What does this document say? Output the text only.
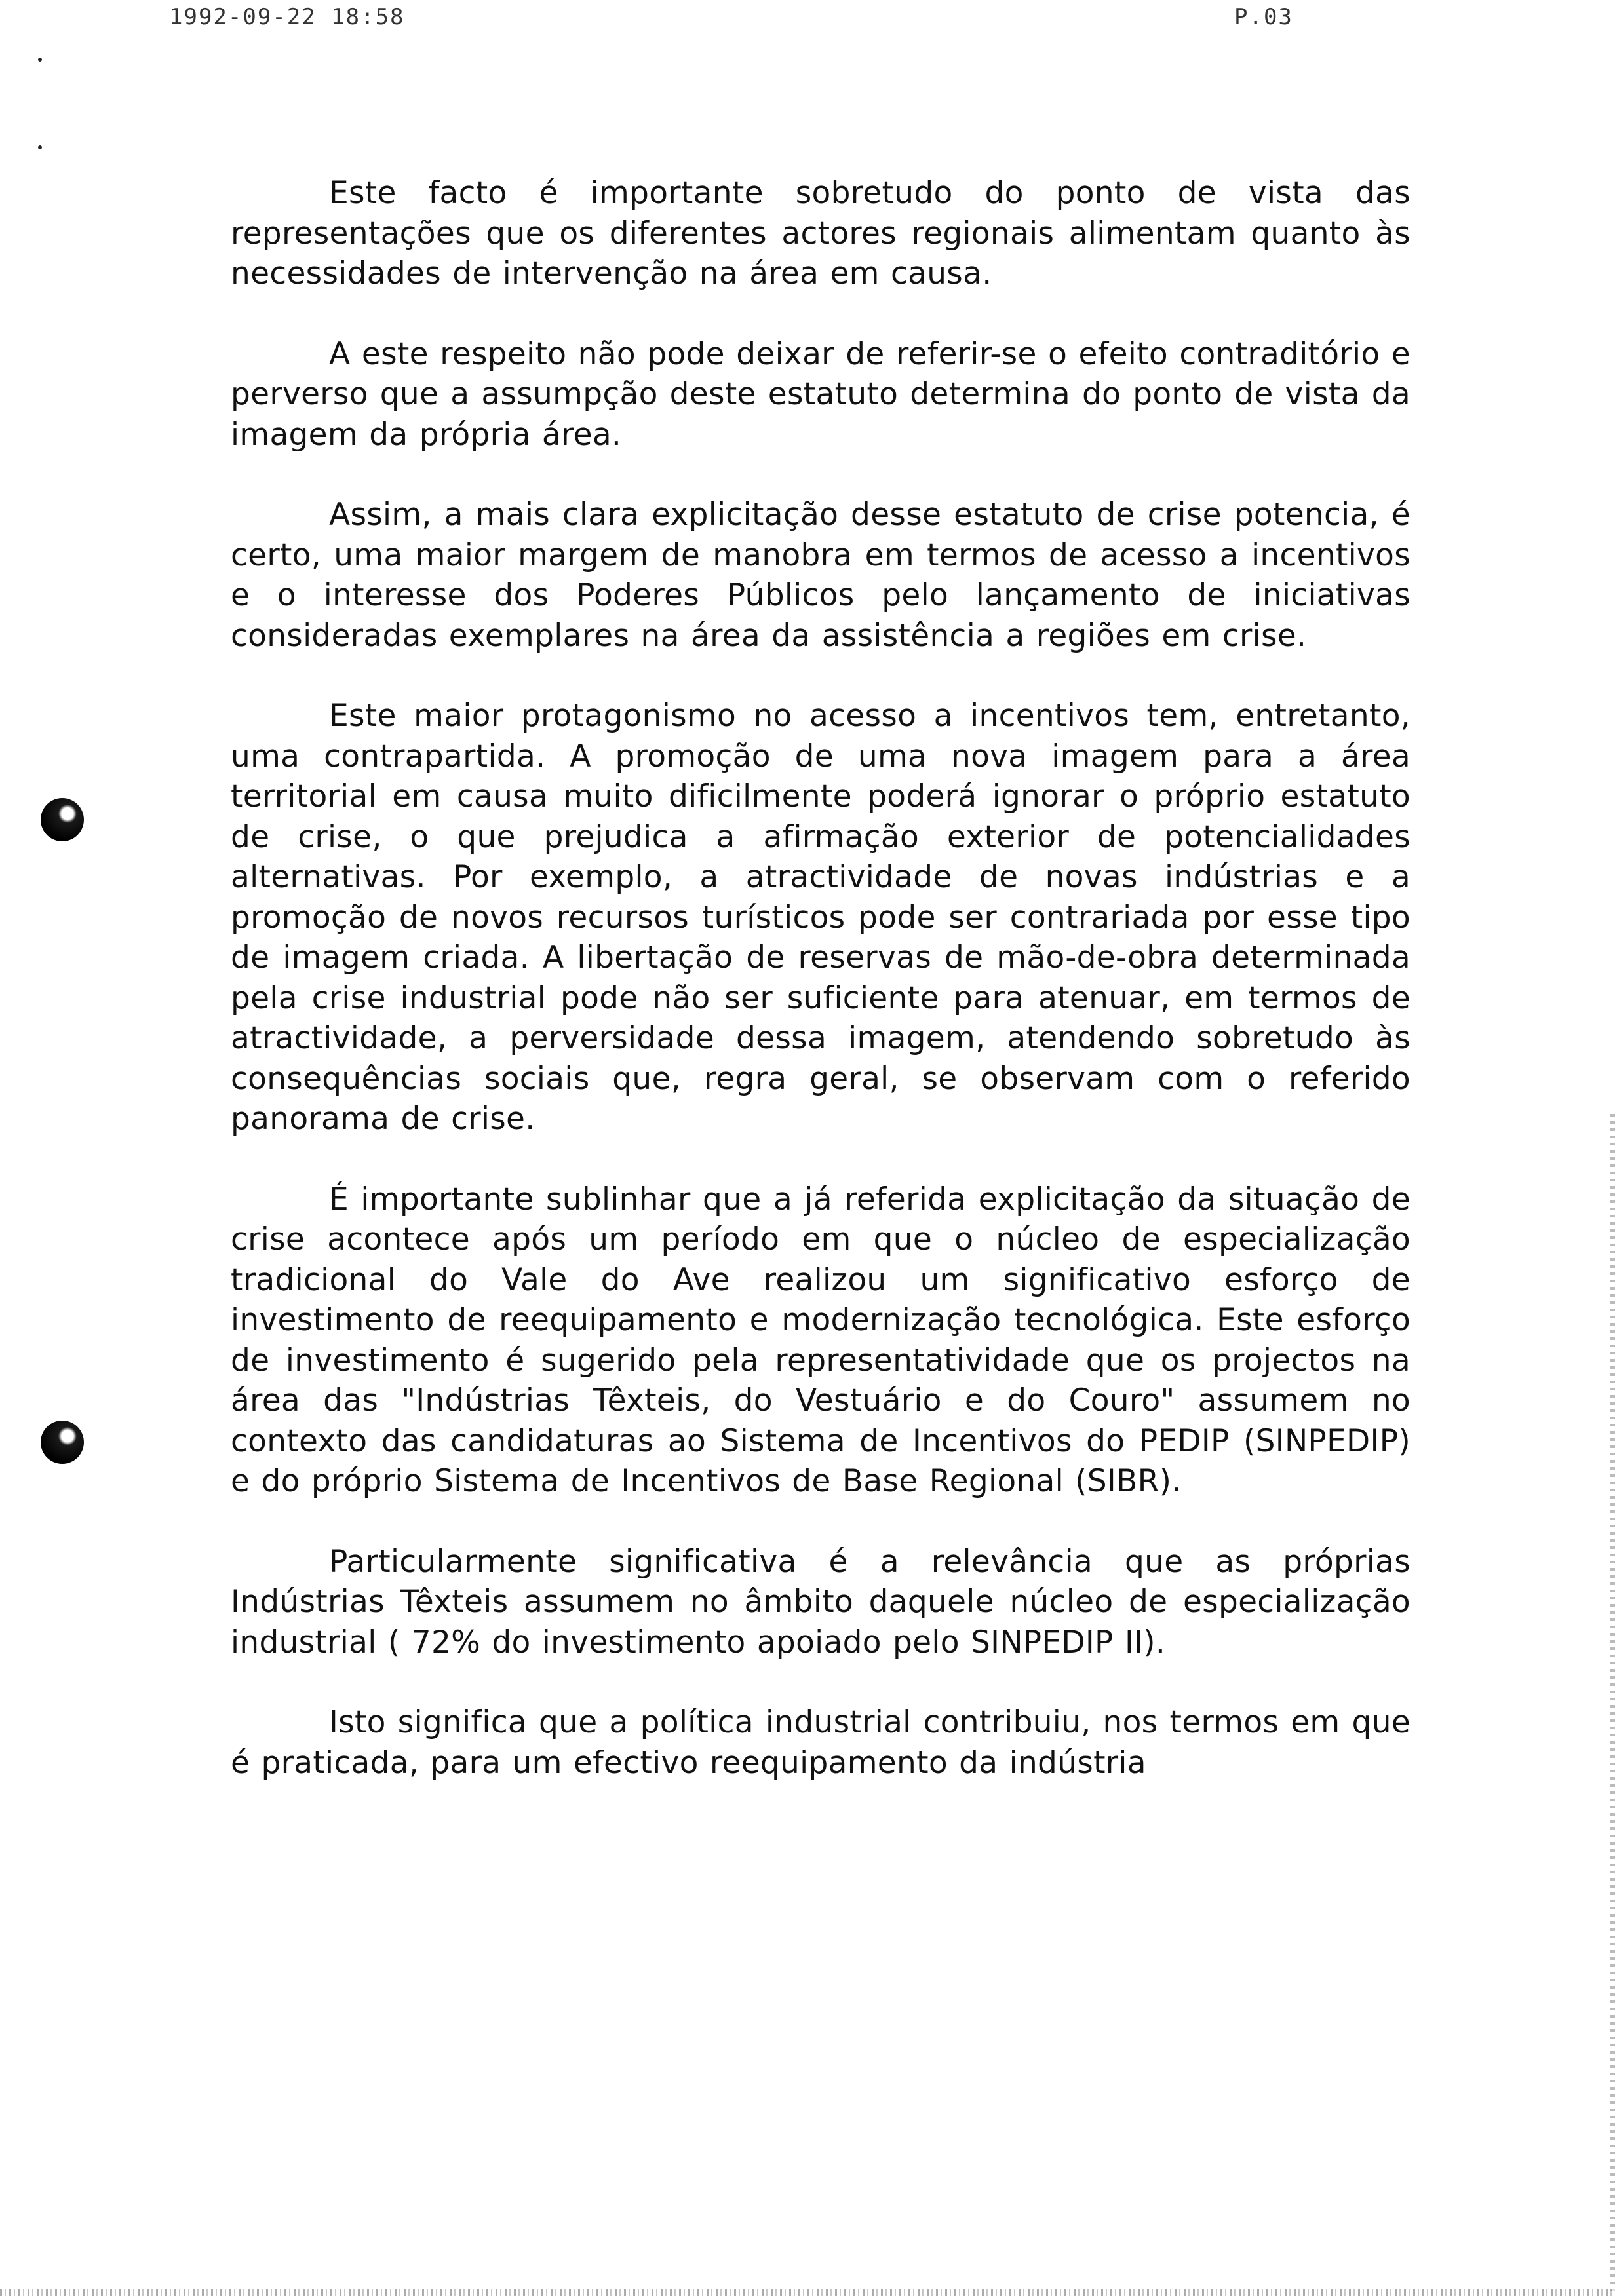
1992-09-22 18:58	P.03

Este facto é importante sobretudo do ponto de vista das representações que os diferentes actores regionais alimentam quanto às necessidades de intervenção na área em causa.

A este respeito não pode deixar de referir-se o efeito contraditório e perverso que a assumpção deste estatuto determina do ponto de vista da imagem da própria área.

Assim, a mais clara explicitação desse estatuto de crise potencia, é certo, uma maior margem de manobra em termos de acesso a incentivos e o interesse dos Poderes Públicos pelo lançamento de iniciativas consideradas exemplares na área da assistência a regiões em crise.

Este maior protagonismo no acesso a incentivos tem, entretanto, uma contrapartida. A promoção de uma nova imagem para a área territorial em causa muito dificilmente poderá ignorar o próprio estatuto de crise, o que prejudica a afirmação exterior de potencialidades alternativas. Por exemplo, a atractividade de novas indústrias e a promoção de novos recursos turísticos pode ser contrariada por esse tipo de imagem criada. A libertação de reservas de mão-de-obra determinada pela crise industrial pode não ser suficiente para atenuar, em termos de atractividade, a perversidade dessa imagem, atendendo sobretudo às consequências sociais que, regra geral, se observam com o referido panorama de crise.

É importante sublinhar que a já referida explicitação da situação de crise acontece após um período em que o núcleo de especialização tradicional do Vale do Ave realizou um significativo esforço de investimento de reequipamento e modernização tecnológica. Este esforço de investimento é sugerido pela representatividade que os projectos na área das "Indústrias Têxteis, do Vestuário e do Couro" assumem no contexto das candidaturas ao Sistema de Incentivos do PEDIP (SINPEDIP) e do próprio Sistema de Incentivos de Base Regional (SIBR).

Particularmente significativa é a relevância que as próprias Indústrias Têxteis assumem no âmbito daquele núcleo de especialização industrial ( 72% do investimento apoiado pelo SINPEDIP II).

Isto significa que a política industrial contribuiu, nos termos em que é praticada, para um efectivo reequipamento da indústria
